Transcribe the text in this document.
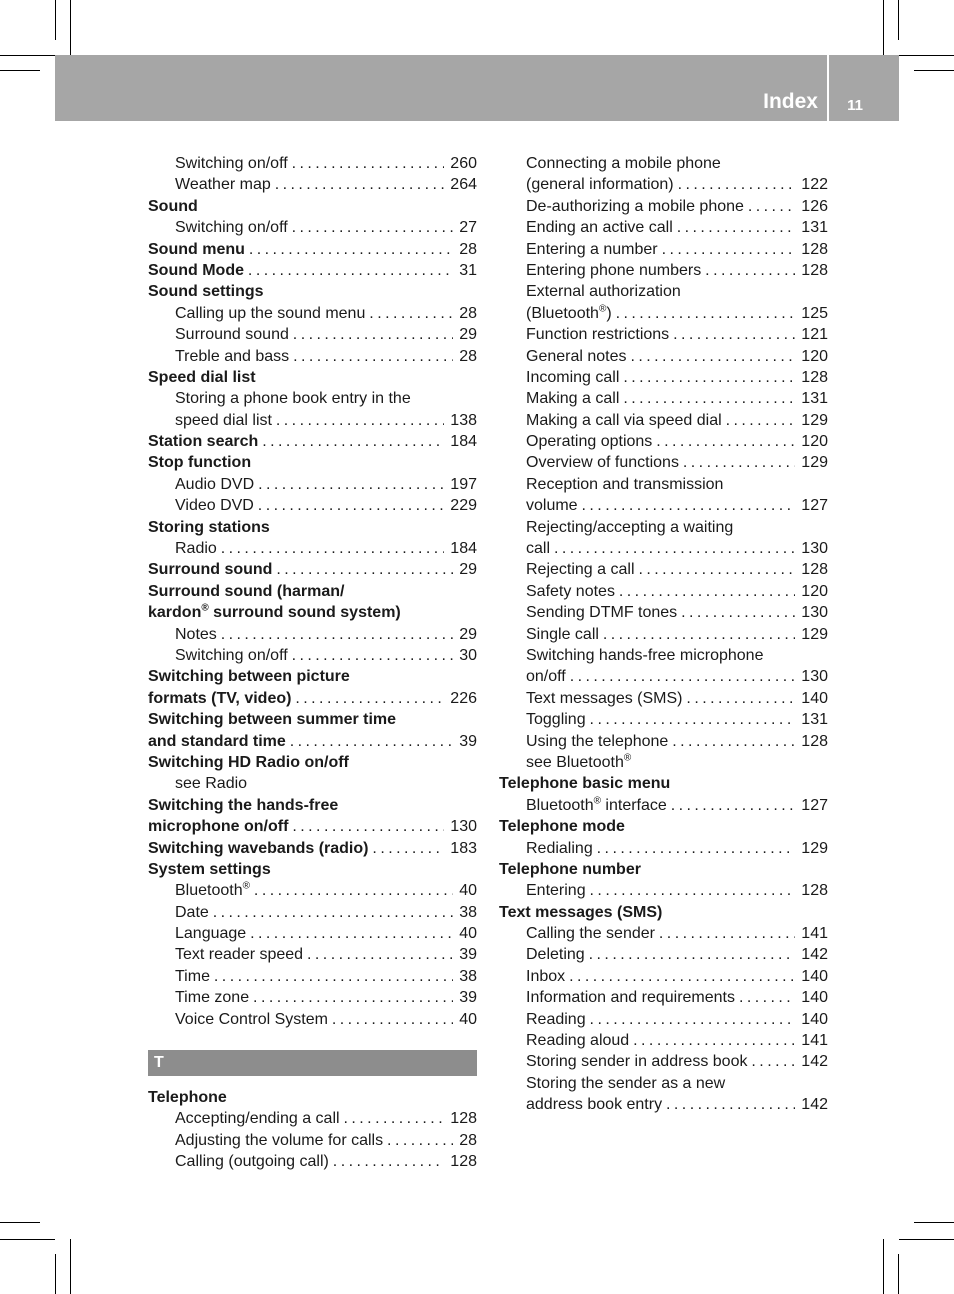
Index	11
Switching on/off	260
. . .
Weather map	264
. . .
Sound
Switching on/off	27
. . .
Sound menu	28
. . .
Sound Mode	31
. . .
Sound settings
Calling up the sound menu	28
. . .
Surround sound	29
. . .
Treble and bass	28
. . .
Speed dial list
Storing a phone book entry in the
speed dial list	138
. . .
Station search	184
. . .
Stop function
Audio DVD	197
. . .
Video DVD	229
. . .
Storing stations
Radio	184
. . .
Surround sound	29
. . .
Surround sound (harman/
kardon® surround sound system)
Notes	29
. . .
Switching on/off	30
. . .
Switching between picture
formats (TV, video)	226
. . .
Switching between summer time
and standard time	39
. . .
Switching HD Radio on/off
see Radio
Switching the hands-free
microphone on/off	130
. . .
Switching wavebands (radio)	183
. . .
System settings
Bluetooth®	40
. . .
Date	38
. . .
Language	40
. . .
Text reader speed	39
. . .
Time	38
. . .
Time zone	39
. . .
Voice Control System	40
. . .
T
Telephone
Accepting/ending a call	128
. . .
Adjusting the volume for calls	28
. . .
Calling (outgoing call)	128
. . .
Connecting a mobile phone
(general information)	122
. . .
De-authorizing a mobile phone	126
. . .
Ending an active call	131
. . .
Entering a number	128
. . .
Entering phone numbers	128
. . .
External authorization
(Bluetooth®)	125
. . .
Function restrictions	121
. . .
General notes	120
. . .
Incoming call	128
. . .
Making a call	131
. . .
Making a call via speed dial	129
. . .
Operating options	120
. . .
Overview of functions	129
. . .
Reception and transmission
volume	127
. . .
Rejecting/accepting a waiting
call	130
. . .
Rejecting a call	128
. . .
Safety notes	120
. . .
Sending DTMF tones	130
. . .
Single call	129
. . .
Switching hands-free microphone
on/off	130
. . .
Text messages (SMS)	140
. . .
Toggling	131
. . .
Using the telephone	128
. . .
see Bluetooth®
Telephone basic menu
Bluetooth® interface	127
. . .
Telephone mode
Redialing	129
. . .
Telephone number
Entering	128
. . .
Text messages (SMS)
Calling the sender	141
. . .
Deleting	142
. . .
Inbox	140
. . .
Information and requirements	140
. . .
Reading	140
. . .
Reading aloud	141
. . .
Storing sender in address book	142
. . .
Storing the sender as a new
address book entry	142
. . .
